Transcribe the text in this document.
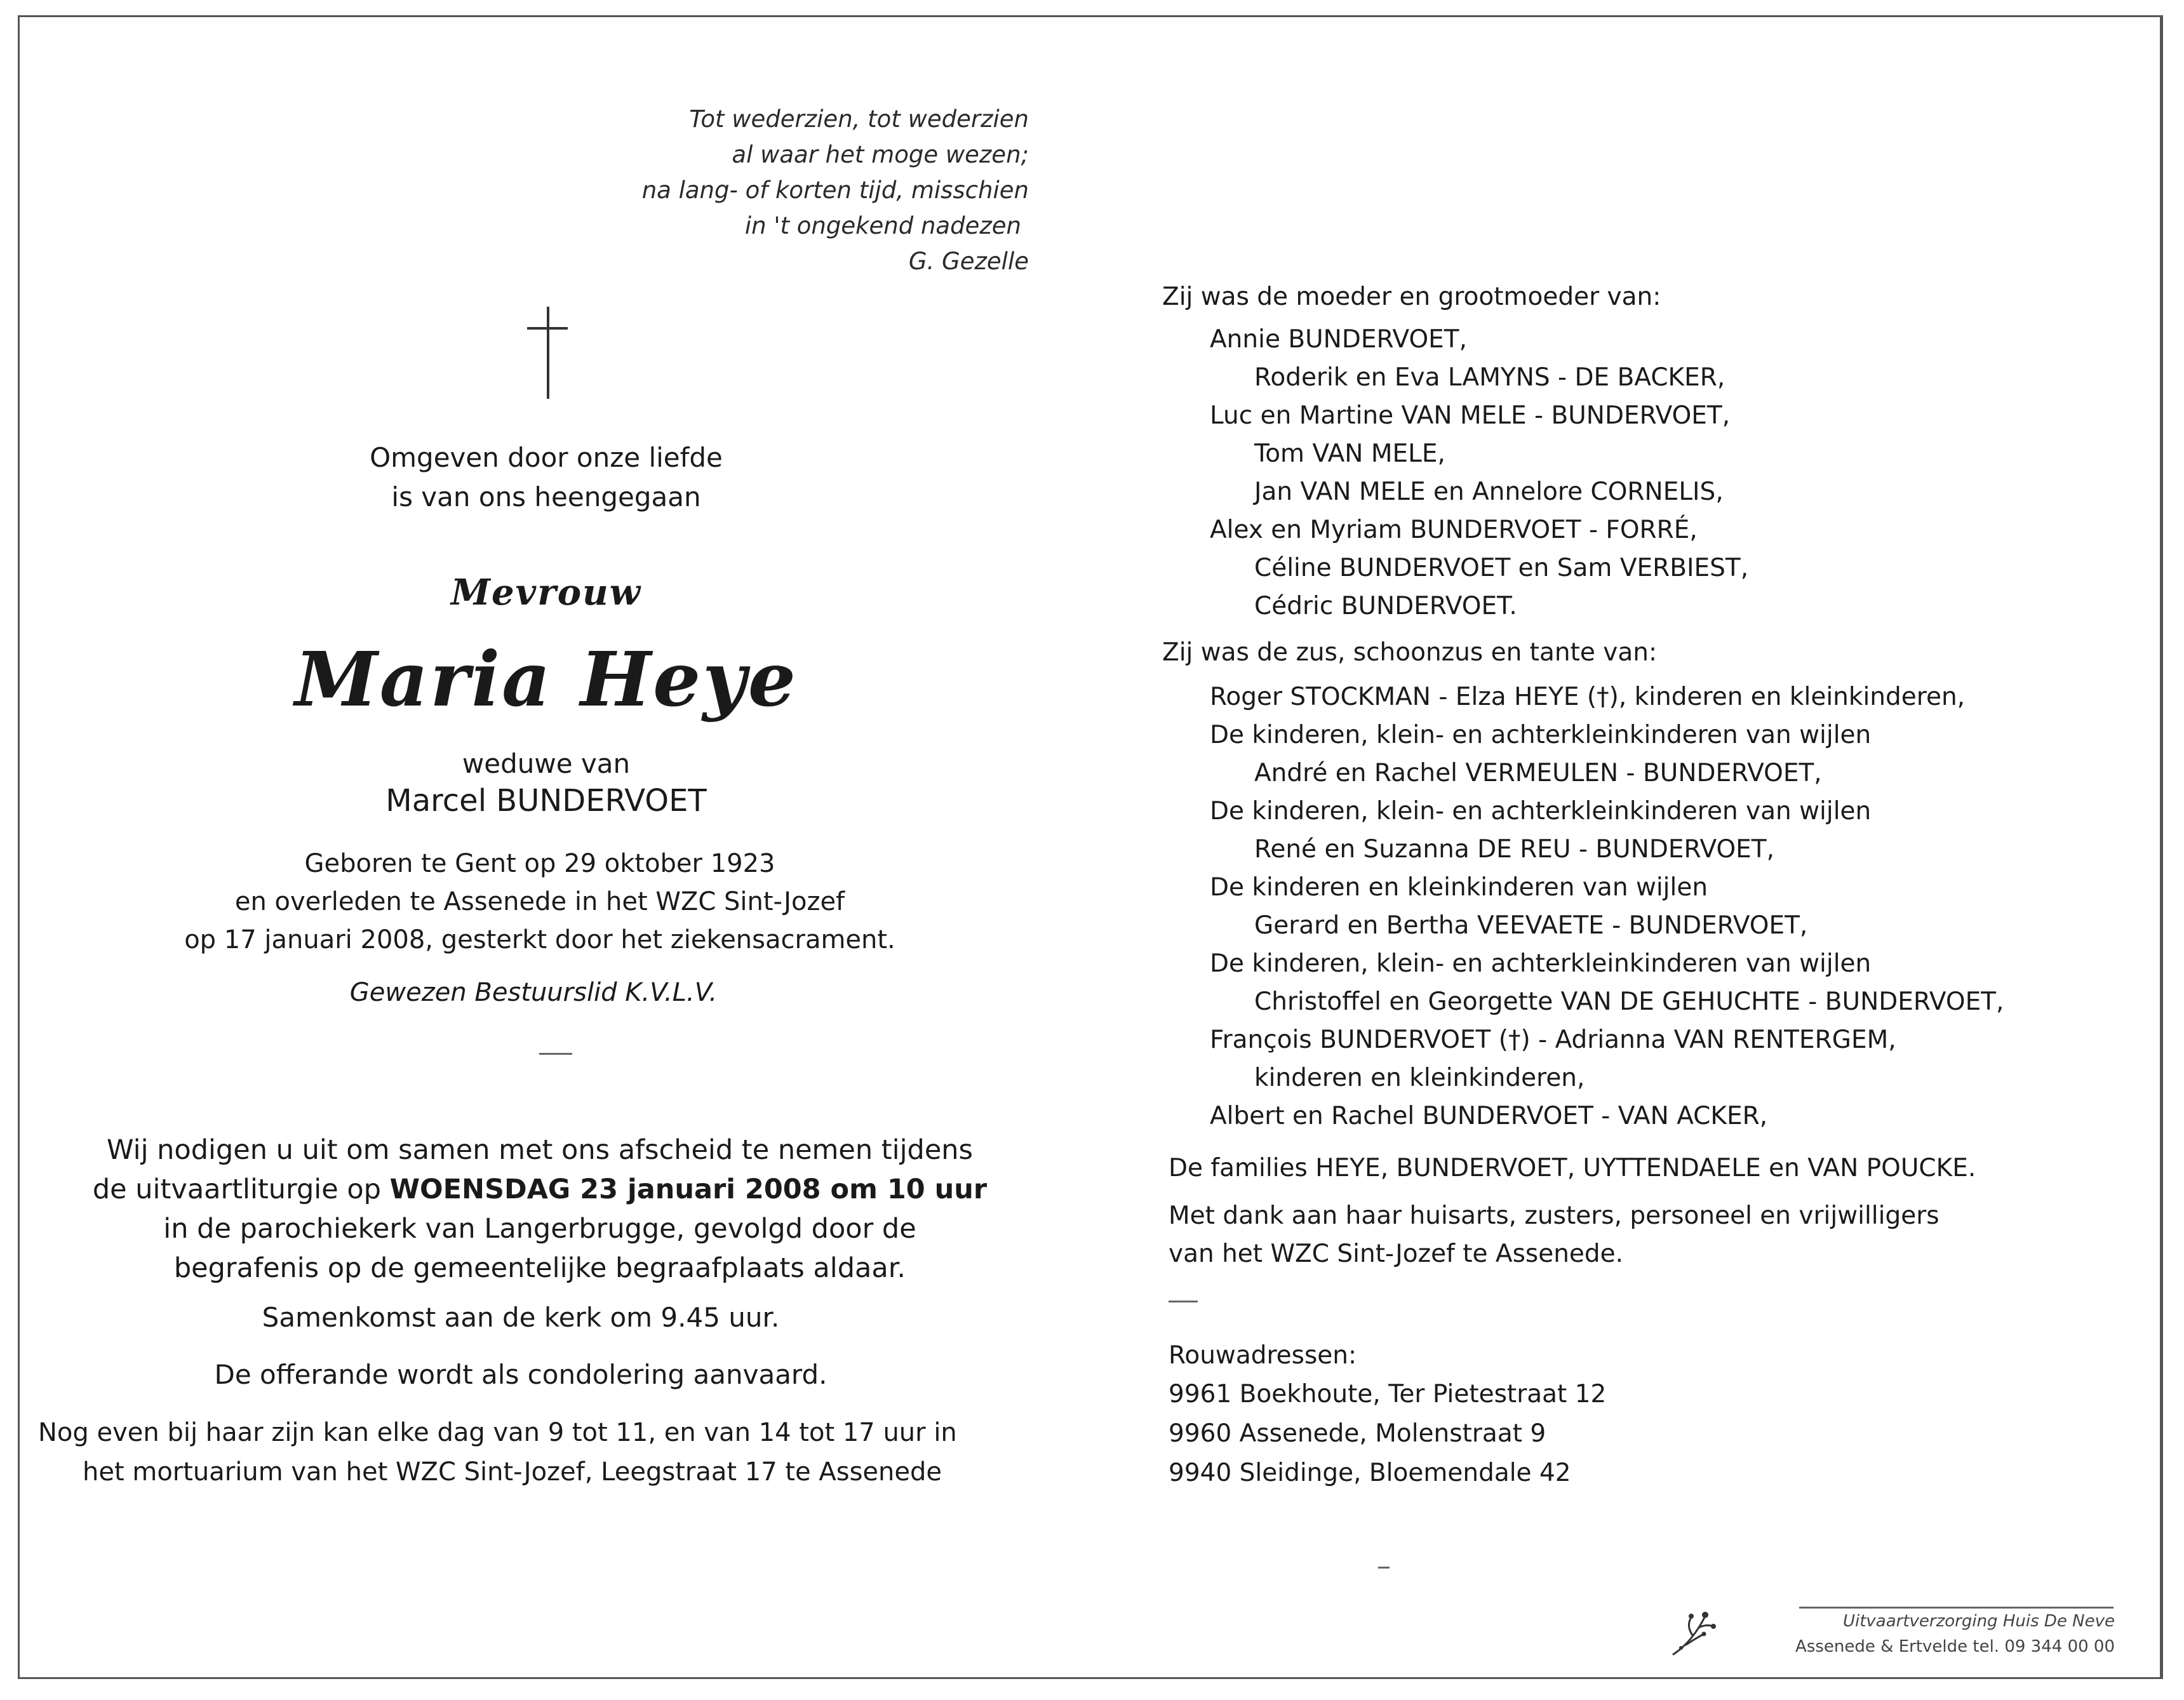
Tot wederzien, tot wederzien
al waar het moge wezen;
na lang- of korten tijd, misschien
in 't ongekend nadezen
G. Gezelle
Omgeven door onze liefde
is van ons heengegaan
Mevrouw
Maria Heye
weduwe van
Marcel BUNDERVOET
Geboren te Gent op 29 oktober 1923
en overleden te Assenede in het WZC Sint-Jozef
op 17 januari 2008, gesterkt door het ziekensacrament.
Gewezen Bestuurslid K.V.L.V.
Wij nodigen u uit om samen met ons afscheid te nemen tijdens
de uitvaartliturgie op WOENSDAG 23 januari 2008 om 10 uur
in de parochiekerk van Langerbrugge, gevolgd door de
begrafenis op de gemeentelijke begraafplaats aldaar.
Samenkomst aan de kerk om 9.45 uur.
De offerande wordt als condolering aanvaard.
Nog even bij haar zijn kan elke dag van 9 tot 11, en van 14 tot 17 uur in
het mortuarium van het WZC Sint-Jozef, Leegstraat 17 te Assenede
Zij was de moeder en grootmoeder van:
Annie BUNDERVOET,
Roderik en Eva LAMYNS - DE BACKER,
Luc en Martine VAN MELE - BUNDERVOET,
Tom VAN MELE,
Jan VAN MELE en Annelore CORNELIS,
Alex en Myriam BUNDERVOET - FORRÉ,
Céline BUNDERVOET en Sam VERBIEST,
Cédric BUNDERVOET.
Zij was de zus, schoonzus en tante van:
Roger STOCKMAN - Elza HEYE (†), kinderen en kleinkinderen,
De kinderen, klein- en achterkleinkinderen van wijlen
André en Rachel VERMEULEN - BUNDERVOET,
De kinderen, klein- en achterkleinkinderen van wijlen
René en Suzanna DE REU - BUNDERVOET,
De kinderen en kleinkinderen van wijlen
Gerard en Bertha VEEVAETE - BUNDERVOET,
De kinderen, klein- en achterkleinkinderen van wijlen
Christoffel en Georgette VAN DE GEHUCHTE - BUNDERVOET,
François BUNDERVOET (†) - Adrianna VAN RENTERGEM,
kinderen en kleinkinderen,
Albert en Rachel BUNDERVOET - VAN ACKER,
De families HEYE, BUNDERVOET, UYTTENDAELE en VAN POUCKE.
Met dank aan haar huisarts, zusters, personeel en vrijwilligers
van het WZC Sint-Jozef te Assenede.
Rouwadressen:
9961 Boekhoute, Ter Pietestraat 12
9960 Assenede, Molenstraat 9
9940 Sleidinge, Bloemendale 42
Uitvaartverzorging Huis De Neve
Assenede & Ertvelde tel. 09 344 00 00
